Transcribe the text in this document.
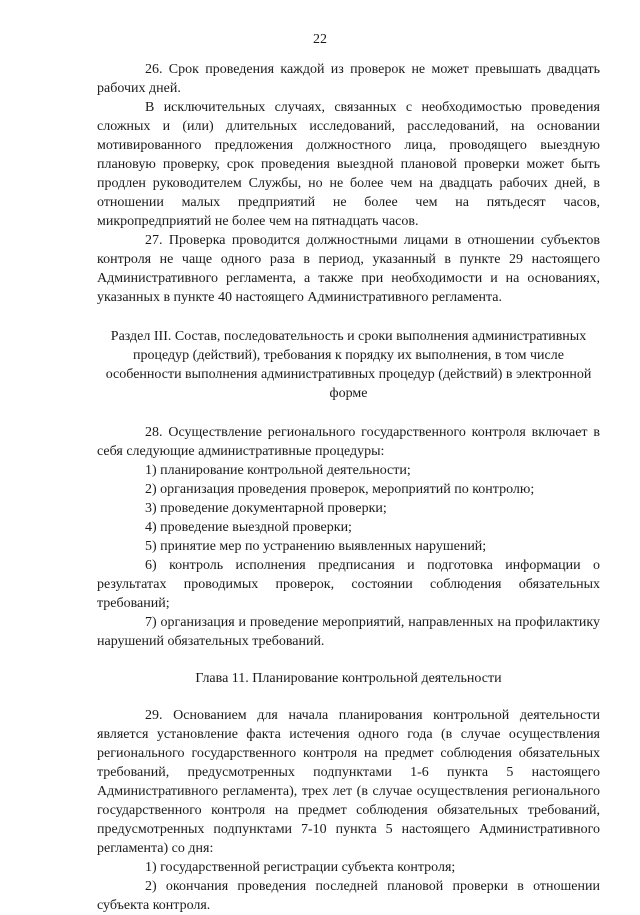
22

26. Срок проведения каждой из проверок не может превышать двадцать рабочих дней.

В исключительных случаях, связанных с необходимостью проведения сложных и (или) длительных исследований, расследований, на основании мотивированного предложения должностного лица, проводящего выездную плановую проверку, срок проведения выездной плановой проверки может быть продлен руководителем Службы, но не более чем на двадцать рабочих дней, в отношении малых предприятий не более чем на пятьдесят часов, микропредприятий не более чем на пятнадцать часов.

27. Проверка проводится должностными лицами в отношении субъектов контроля не чаще одного раза в период, указанный в пункте 29 настоящего Административного регламента, а также при необходимости и на основаниях, указанных в пункте 40 настоящего Административного регламента.

Раздел III. Состав, последовательность и сроки выполнения административных процедур (действий), требования к порядку их выполнения, в том числе особенности выполнения административных процедур (действий) в электронной форме

28. Осуществление регионального государственного контроля включает в себя следующие административные процедуры:

1) планирование контрольной деятельности;

2) организация проведения проверок, мероприятий по контролю;

3) проведение документарной проверки;

4) проведение выездной проверки;

5) принятие мер по устранению выявленных нарушений;

6) контроль исполнения предписания и подготовка информации о результатах проводимых проверок, состоянии соблюдения обязательных требований;

7) организация и проведение мероприятий, направленных на профилактику нарушений обязательных требований.

Глава 11. Планирование контрольной деятельности

29. Основанием для начала планирования контрольной деятельности является установление факта истечения одного года (в случае осуществления регионального государственного контроля на предмет соблюдения обязательных требований, предусмотренных подпунктами 1-6 пункта 5 настоящего Административного регламента), трех лет (в случае осуществления регионального государственного контроля на предмет соблюдения обязательных требований, предусмотренных подпунктами 7-10 пункта 5 настоящего Административного регламента) со дня:

1) государственной регистрации субъекта контроля;

2) окончания проведения последней плановой проверки в отношении субъекта контроля.
